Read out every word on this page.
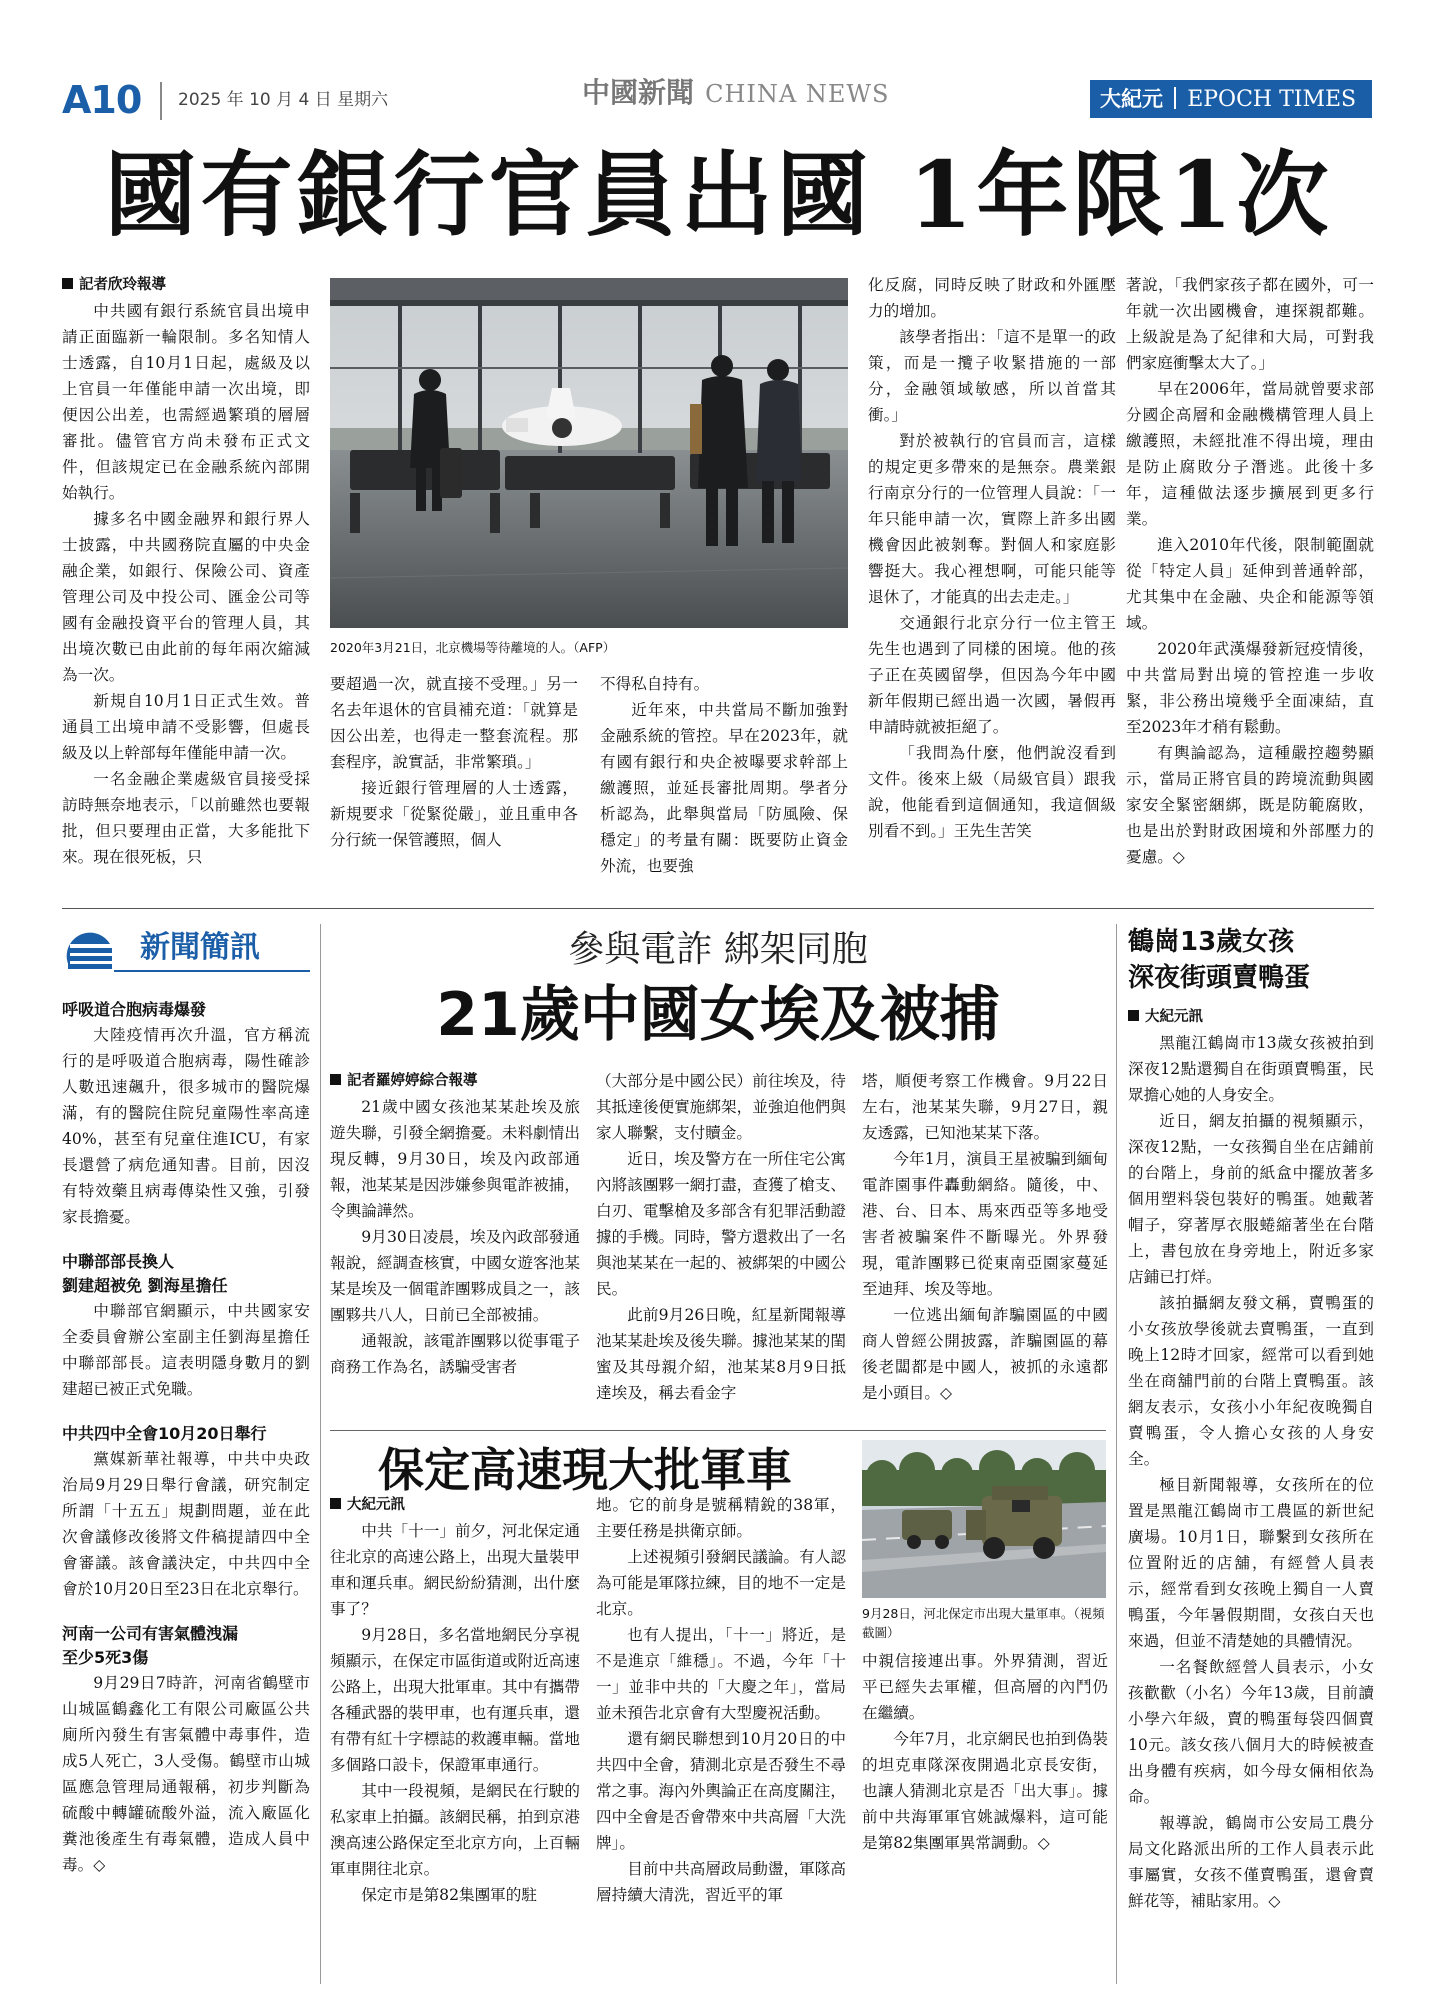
A10 2025 年 10 月 4 日 星期六	中國新聞 CHINA NEWS	大紀元 EPOCH TIMES
國有銀行官員出國 1年限1次
記者欣玲報導

中共國有銀行系統官員出境申請正面臨新一輪限制。多名知情人士透露，自10月1日起，處級及以上官員一年僅能申請一次出境，即便因公出差，也需經過繁瑣的層層審批。儘管官方尚未發布正式文件，但該規定已在金融系統內部開始執行。

據多名中國金融界和銀行界人士披露，中共國務院直屬的中央金融企業，如銀行、保險公司、資產管理公司及中投公司、匯金公司等國有金融投資平台的管理人員，其出境次數已由此前的每年兩次縮減為一次。

新規自10月1日正式生效。普通員工出境申請不受影響，但處長級及以上幹部每年僅能申請一次。

一名金融企業處級官員接受採訪時無奈地表示，「以前雖然也要報批，但只要理由正當，大多能批下來。現在很死板，只

2020年3月21日，北京機場等待離境的人。（AFP）

要超過一次，就直接不受理。」另一名去年退休的官員補充道：「就算是因公出差，也得走一整套流程。那套程序，說實話，非常繁瑣。」

接近銀行管理層的人士透露，新規要求「從緊從嚴」，並且重申各分行統一保管護照，個人

不得私自持有。

近年來，中共當局不斷加強對金融系統的管控。早在2023年，就有國有銀行和央企被曝要求幹部上繳護照，並延長審批周期。學者分析認為，此舉與當局「防風險、保穩定」的考量有關：既要防止資金外流，也要強

化反腐，同時反映了財政和外匯壓力的增加。

該學者指出：「這不是單一的政策，而是一攬子收緊措施的一部分，金融領域敏感，所以首當其衝。」

對於被執行的官員而言，這樣的規定更多帶來的是無奈。農業銀行南京分行的一位管理人員說：「一年只能申請一次，實際上許多出國機會因此被剝奪。對個人和家庭影響挺大。我心裡想啊，可能只能等退休了，才能真的出去走走。」

交通銀行北京分行一位主管王先生也遇到了同樣的困境。他的孩子正在英國留學，但因為今年中國新年假期已經出過一次國，暑假再申請時就被拒絕了。

「我問為什麼，他們說沒看到文件。後來上級（局級官員）跟我說，他能看到這個通知，我這個級別看不到。」王先生苦笑

著說，「我們家孩子都在國外，可一年就一次出國機會，連探親都難。上級說是為了紀律和大局，可對我們家庭衝擊太大了。」

早在2006年，當局就曾要求部分國企高層和金融機構管理人員上繳護照，未經批准不得出境，理由是防止腐敗分子潛逃。此後十多年，這種做法逐步擴展到更多行業。

進入2010年代後，限制範圍就從「特定人員」延伸到普通幹部，尤其集中在金融、央企和能源等領域。

2020年武漢爆發新冠疫情後，中共當局對出境的管控進一步收緊，非公務出境幾乎全面凍結，直至2023年才稍有鬆動。

有輿論認為，這種嚴控趨勢顯示，當局正將官員的跨境流動與國家安全緊密綑綁，既是防範腐敗，也是出於對財政困境和外部壓力的憂慮。◇

新聞簡訊
呼吸道合胞病毒爆發

大陸疫情再次升溫，官方稱流行的是呼吸道合胞病毒，陽性確診人數迅速飆升，很多城市的醫院爆滿，有的醫院住院兒童陽性率高達40%，甚至有兒童住進ICU，有家長還營了病危通知書。目前，因沒有特效藥且病毒傳染性又強，引發家長擔憂。

中聯部部長換人
劉建超被免 劉海星擔任

中聯部官網顯示，中共國家安全委員會辦公室副主任劉海星擔任中聯部部長。這表明隱身數月的劉建超已被正式免職。

中共四中全會10月20日舉行

黨媒新華社報導，中共中央政治局9月29日舉行會議，研究制定所謂「十五五」規劃問題，並在此次會議修改後將文件稿提請四中全會審議。該會議決定，中共四中全會於10月20日至23日在北京舉行。

河南一公司有害氣體洩漏
至少5死3傷

9月29日7時許，河南省鶴壁市山城區鶴鑫化工有限公司廠區公共廁所內發生有害氣體中毒事件，造成5人死亡，3人受傷。鶴壁市山城區應急管理局通報稱，初步判斷為硫酸中轉罐硫酸外溢，流入廠區化糞池後產生有毒氣體，造成人員中毒。◇

參與電詐 綁架同胞
21歲中國女埃及被捕
記者羅婷婷綜合報導

21歲中國女孩池某某赴埃及旅遊失聯，引發全網擔憂。未料劇情出現反轉，9月30日，埃及內政部通報，池某某是因涉嫌參與電詐被捕，令輿論譁然。

9月30日凌晨，埃及內政部發通報說，經調查核實，中國女遊客池某某是埃及一個電詐團夥成員之一，該團夥共八人，日前已全部被捕。

通報說，該電詐團夥以從事電子商務工作為名，誘騙受害者

（大部分是中國公民）前往埃及，待其抵達後便實施綁架，並強迫他們與家人聯繫，支付贖金。

近日，埃及警方在一所住宅公寓內將該團夥一網打盡，查獲了槍支、白刃、電擊槍及多部含有犯罪活動證據的手機。同時，警方還救出了一名與池某某在一起的、被綁架的中國公民。

此前9月26日晚，紅星新聞報導池某某赴埃及後失聯。據池某某的閨蜜及其母親介紹，池某某8月9日抵達埃及，稱去看金字

塔，順便考察工作機會。9月22日左右，池某某失聯，9月27日，親友透露，已知池某某下落。

今年1月，演員王星被騙到緬甸電詐園事件轟動網絡。隨後，中、港、台、日本、馬來西亞等多地受害者被騙案件不斷曝光。外界發現，電詐團夥已從東南亞園家蔓延至迪拜、埃及等地。

一位逃出緬甸詐騙園區的中國商人曾經公開披露，詐騙園區的幕後老闆都是中國人，被抓的永遠都是小頭目。◇

保定高速現大批軍車
9月28日，河北保定市出現大量軍車。（視頻截圖）
大紀元訊

中共「十一」前夕，河北保定通往北京的高速公路上，出現大量裝甲車和運兵車。網民紛紛猜測，出什麼事了？

9月28日，多名當地網民分享視頻顯示，在保定市區街道或附近高速公路上，出現大批軍車。其中有攜帶各種武器的裝甲車，也有運兵車，還有帶有紅十字標誌的救護車輛。當地多個路口設卡，保證軍車通行。

其中一段視頻，是網民在行駛的私家車上拍攝。該網民稱，拍到京港澳高速公路保定至北京方向，上百輛軍車開往北京。

保定市是第82集團軍的駐

地。它的前身是號稱精銳的38軍，主要任務是拱衛京師。

上述視頻引發網民議論。有人認為可能是軍隊拉練，目的地不一定是北京。

也有人提出，「十一」將近，是不是進京「維穩」。不過，今年「十一」並非中共的「大慶之年」，當局並未預告北京會有大型慶祝活動。

還有網民聯想到10月20日的中共四中全會，猜測北京是否發生不尋常之事。海內外輿論正在高度關注，四中全會是否會帶來中共高層「大洗牌」。

目前中共高層政局動盪，軍隊高層持續大清洗，習近平的軍

中親信接連出事。外界猜測，習近平已經失去軍權，但高層的內鬥仍在繼續。

今年7月，北京網民也拍到偽裝的坦克車隊深夜開過北京長安街，也讓人猜測北京是否「出大事」。據前中共海軍軍官姚誠爆料，這可能是第82集團軍異常調動。◇

鶴崗13歲女孩
深夜街頭賣鴨蛋
大紀元訊

黑龍江鶴崗市13歲女孩被拍到深夜12點還獨自在街頭賣鴨蛋，民眾擔心她的人身安全。

近日，網友拍攝的視頻顯示，深夜12點，一女孩獨自坐在店鋪前的台階上，身前的紙盒中擺放著多個用塑料袋包裝好的鴨蛋。她戴著帽子，穿著厚衣服蜷縮著坐在台階上，書包放在身旁地上，附近多家店鋪已打烊。

該拍攝網友發文稱，賣鴨蛋的小女孩放學後就去賣鴨蛋，一直到晚上12時才回家，經常可以看到她坐在商舖門前的台階上賣鴨蛋。該網友表示，女孩小小年紀夜晚獨自賣鴨蛋，令人擔心女孩的人身安全。

極目新聞報導，女孩所在的位置是黑龍江鶴崗市工農區的新世紀廣場。10月1日，聯繫到女孩所在位置附近的店舖，有經營人員表示，經常看到女孩晚上獨自一人賣鴨蛋，今年暑假期間，女孩白天也來過，但並不清楚她的具體情況。

一名餐飲經營人員表示，小女孩歡歡（小名）今年13歲，目前讀小學六年級，賣的鴨蛋每袋四個賣10元。該女孩八個月大的時候被查出身體有疾病，如今母女倆相依為命。

報導說，鶴崗市公安局工農分局文化路派出所的工作人員表示此事屬實，女孩不僅賣鴨蛋，還會賣鮮花等，補貼家用。◇
